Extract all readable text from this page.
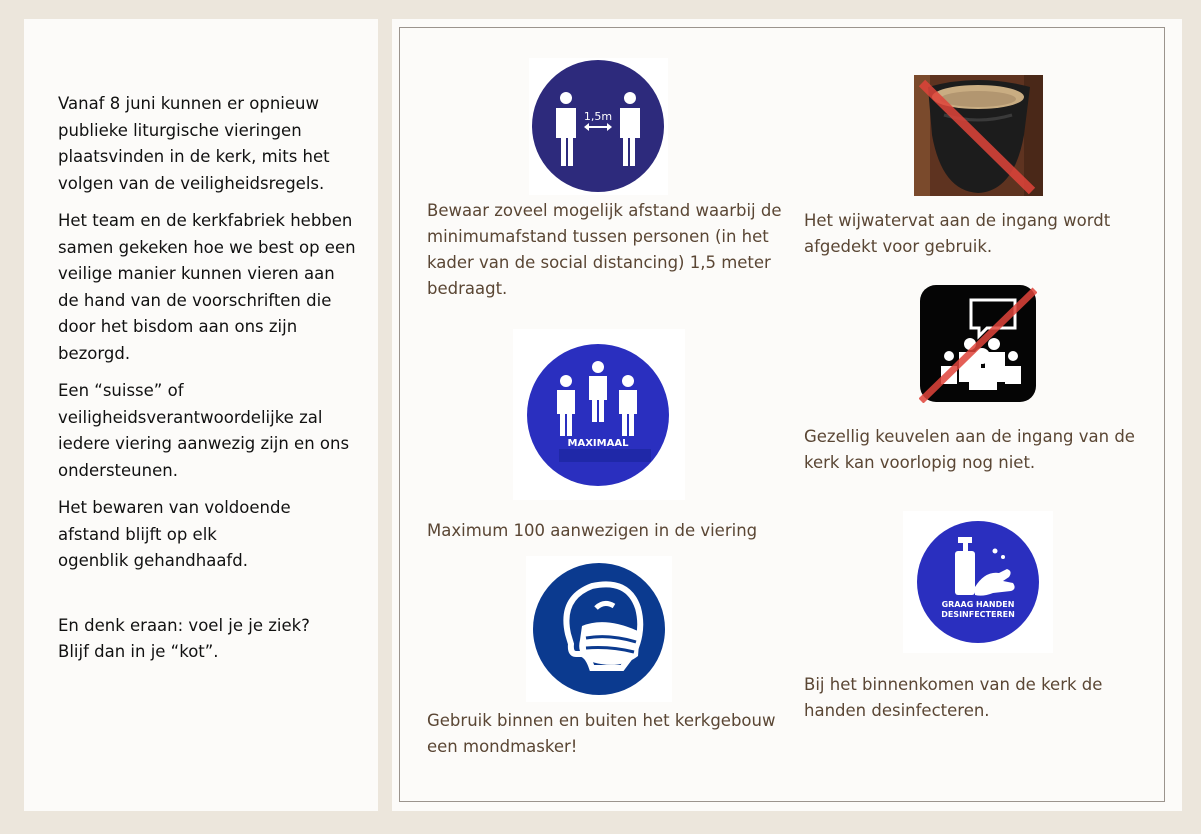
Vanaf 8 juni kunnen er opnieuw publieke liturgische vieringen plaatsvinden in de kerk, mits het volgen van de veiligheidsregels.

Het team en de kerkfabriek hebben samen gekeken hoe we best op een veilige manier kunnen vieren aan de hand van de voorschriften die door het bisdom aan ons zijn bezorgd.

Een “suisse” of veiligheidsverantwoordelijke zal iedere viering aanwezig zijn en ons ondersteunen.

Het bewaren van voldoende
afstand blijft op elk
ogenblik gehandhaafd.

En denk eraan: voel je je ziek?
Blijf dan in je “kot”.

1,5m
Bewaar zoveel mogelijk afstand waarbij de minimumafstand tussen personen (in het kader van de social distancing) 1,5 meter bedraagt.
Het wijwatervat aan de ingang wordt afgedekt voor gebruik.
Gezellig keuvelen aan de ingang van de kerk kan voorlopig nog niet.
MAXIMAAL
Maximum 100 aanwezigen in de viering
Gebruik binnen en buiten het kerkgebouw een mondmasker!
GRAAG HANDEN
DESINFECTEREN
Bij het binnenkomen van de kerk de handen desinfecteren.
